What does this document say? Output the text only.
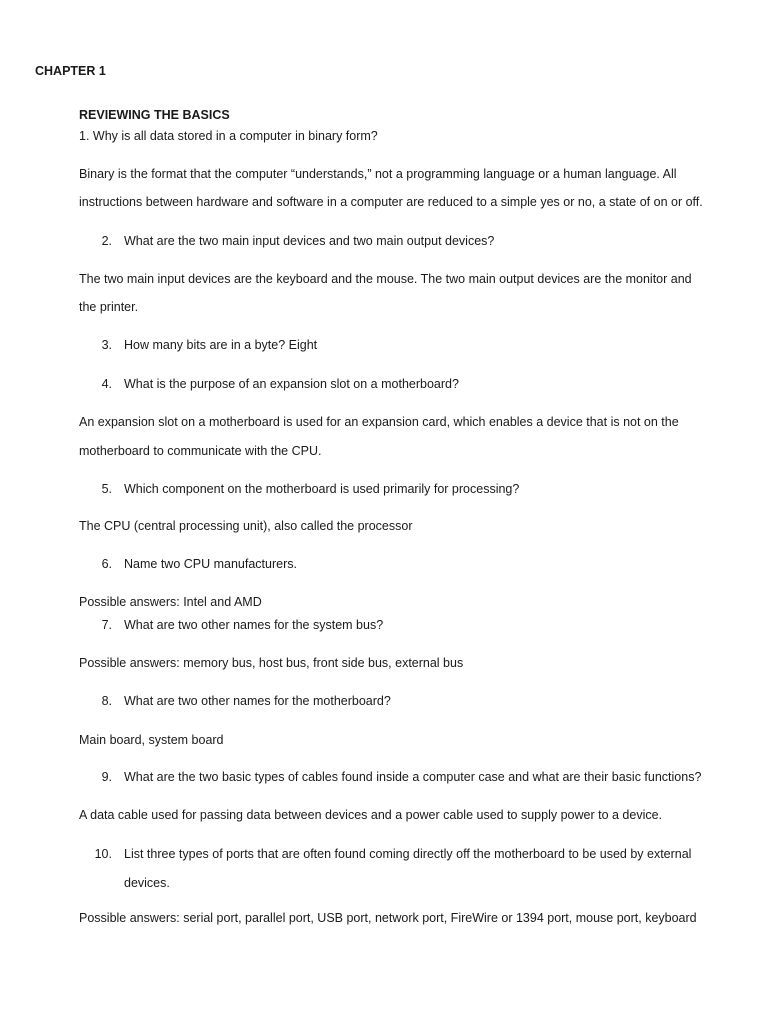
CHAPTER 1
REVIEWING THE BASICS
1. Why is all data stored in a computer in binary form?
Binary is the format that the computer “understands,” not a programming language or a human language. All
instructions between hardware and software in a computer are reduced to a simple yes or no, a state of on or off.
2. What are the two main input devices and two main output devices?
The two main input devices are the keyboard and the mouse. The two main output devices are the monitor and
the printer.
3. How many bits are in a byte? Eight
4. What is the purpose of an expansion slot on a motherboard?
An expansion slot on a motherboard is used for an expansion card, which enables a device that is not on the
motherboard to communicate with the CPU.
5. Which component on the motherboard is used primarily for processing?
The CPU (central processing unit), also called the processor
6. Name two CPU manufacturers.
Possible answers: Intel and AMD
7. What are two other names for the system bus?
Possible answers: memory bus, host bus, front side bus, external bus
8. What are two other names for the motherboard?
Main board, system board
9. What are the two basic types of cables found inside a computer case and what are their basic functions?
A data cable used for passing data between devices and a power cable used to supply power to a device.
10. List three types of ports that are often found coming directly off the motherboard to be used by external
devices.
Possible answers: serial port, parallel port, USB port, network port, FireWire or 1394 port, mouse port, keyboard
